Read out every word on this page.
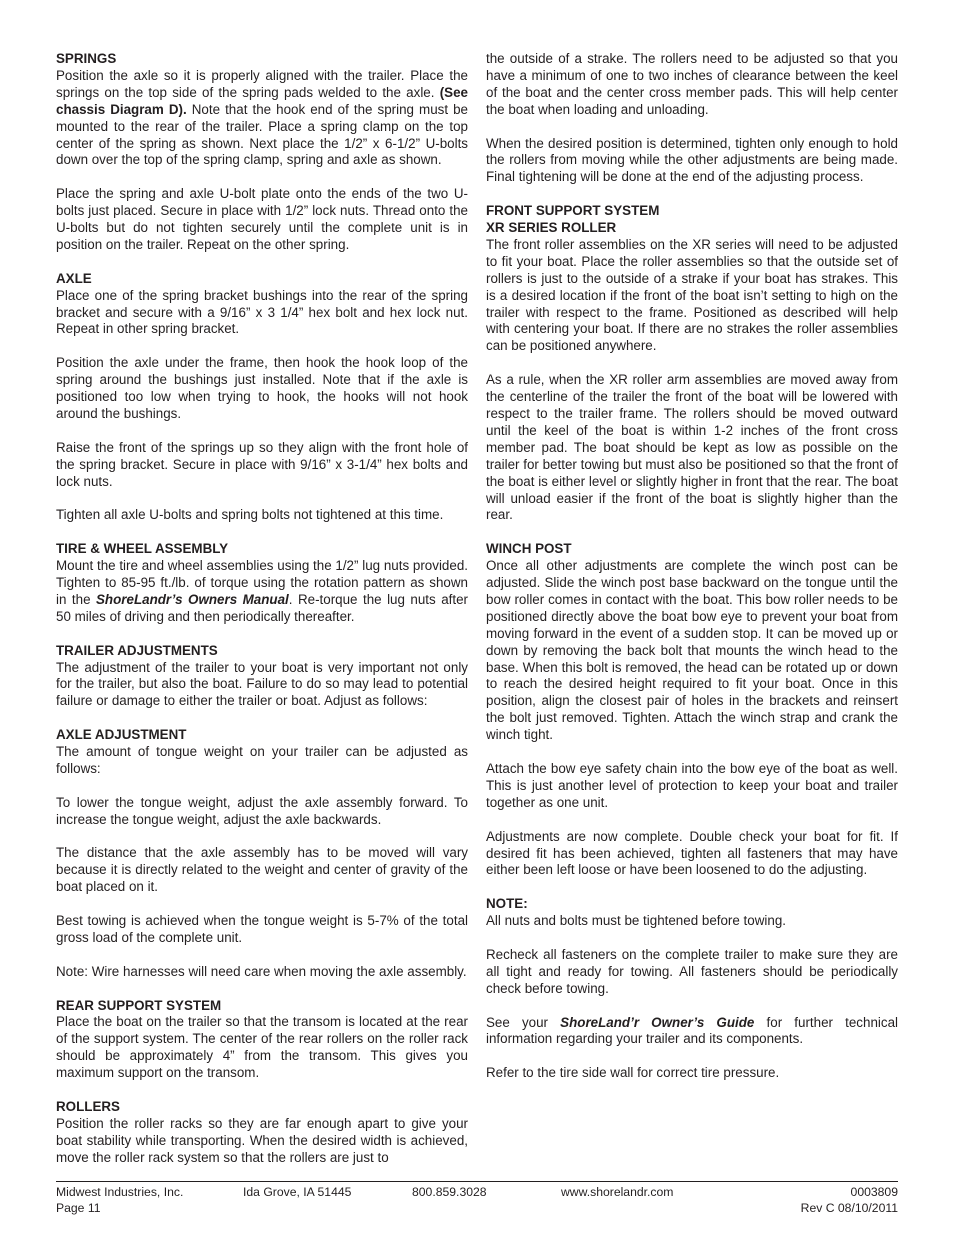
SPRINGS

Position the axle so it is properly aligned with the trailer. Place the springs on the top side of the spring pads welded to the axle. (See chassis Diagram D). Note that the hook end of the spring must be mounted to the rear of the trailer. Place a spring clamp on the top center of the spring as shown. Next place the 1/2” x 6-1/2” U-bolts down over the top of the spring clamp, spring and axle as shown.

Place the spring and axle U-bolt plate onto the ends of the two U-bolts just placed. Secure in place with 1/2” lock nuts. Thread onto the U-bolts but do not tighten securely until the complete unit is in position on the trailer. Repeat on the other spring.

AXLE

Place one of the spring bracket bushings into the rear of the spring bracket and secure with a 9/16” x 3 1/4” hex bolt and hex lock nut. Repeat in other spring bracket.

Position the axle under the frame, then hook the hook loop of the spring around the bushings just installed. Note that if the axle is positioned too low when trying to hook, the hooks will not hook around the bushings.

Raise the front of the springs up so they align with the front hole of the spring bracket. Secure in place with 9/16” x 3-1/4” hex bolts and lock nuts.

Tighten all axle U-bolts and spring bolts not tightened at this time.

TIRE & WHEEL ASSEMBLY

Mount the tire and wheel assemblies using the 1/2” lug nuts provided. Tighten to 85-95 ft./lb. of torque using the rotation pattern as shown in the ShoreLandr’s Owners Manual. Re-torque the lug nuts after 50 miles of driving and then periodically thereafter.

TRAILER ADJUSTMENTS

The adjustment of the trailer to your boat is very important not only for the trailer, but also the boat. Failure to do so may lead to potential failure or damage to either the trailer or boat. Adjust as follows:

AXLE ADJUSTMENT

The amount of tongue weight on your trailer can be adjusted as follows:

To lower the tongue weight, adjust the axle assembly forward. To increase the tongue weight, adjust the axle backwards.

The distance that the axle assembly has to be moved will vary because it is directly related to the weight and center of gravity of the boat placed on it.

Best towing is achieved when the tongue weight is 5-7% of the total gross load of the complete unit.

Note: Wire harnesses will need care when moving the axle assembly.

REAR SUPPORT SYSTEM

Place the boat on the trailer so that the transom is located at the rear of the support system. The center of the rear rollers on the roller rack should be approximately 4” from the transom. This gives you maximum support on the transom.

ROLLERS

Position the roller racks so they are far enough apart to give your boat stability while transporting. When the desired width is achieved, move the roller rack system so that the rollers are just to

the outside of a strake. The rollers need to be adjusted so that you have a minimum of one to two inches of clearance between the keel of the boat and the center cross member pads. This will help center the boat when loading and unloading.

When the desired position is determined, tighten only enough to hold the rollers from moving while the other adjustments are being made. Final tightening will be done at the end of the adjusting process.

FRONT SUPPORT SYSTEM
XR SERIES ROLLER

The front roller assemblies on the XR series will need to be adjusted to fit your boat. Place the roller assemblies so that the outside set of rollers is just to the outside of a strake if your boat has strakes. This is a desired location if the front of the boat isn’t setting to high on the trailer with respect to the frame. Positioned as described will help with centering your boat. If there are no strakes the roller assemblies can be positioned anywhere.

As a rule, when the XR roller arm assemblies are moved away from the centerline of the trailer the front of the boat will be lowered with respect to the trailer frame. The rollers should be moved outward until the keel of the boat is within 1-2 inches of the front cross member pad. The boat should be kept as low as possible on the trailer for better towing but must also be positioned so that the front of the boat is either level or slightly higher in front that the rear. The boat will unload easier if the front of the boat is slightly higher than the rear.

WINCH POST

Once all other adjustments are complete the winch post can be adjusted. Slide the winch post base backward on the tongue until the bow roller comes in contact with the boat. This bow roller needs to be positioned directly above the boat bow eye to prevent your boat from moving forward in the event of a sudden stop. It can be moved up or down by removing the back bolt that mounts the winch head to the base. When this bolt is removed, the head can be rotated up or down to reach the desired height required to fit your boat. Once in this position, align the closest pair of holes in the brackets and reinsert the bolt just removed. Tighten. Attach the winch strap and crank the winch tight.

Attach the bow eye safety chain into the bow eye of the boat as well. This is just another level of protection to keep your boat and trailer together as one unit.

Adjustments are now complete. Double check your boat for fit. If desired fit has been achieved, tighten all fasteners that may have either been left loose or have been loosened to do the adjusting.

NOTE:

All nuts and bolts must be tightened before towing.

Recheck all fasteners on the complete trailer to make sure they are all tight and ready for towing. All fasteners should be periodically check before towing.

See your ShoreLand’r Owner’s Guide for further technical information regarding your trailer and its components.

Refer to the tire side wall for correct tire pressure.

Midwest Industries, Inc.
Page 11
Ida Grove, IA 51445	800.859.3028	www.shorelandr.com	0003809
Rev C 08/10/2011
